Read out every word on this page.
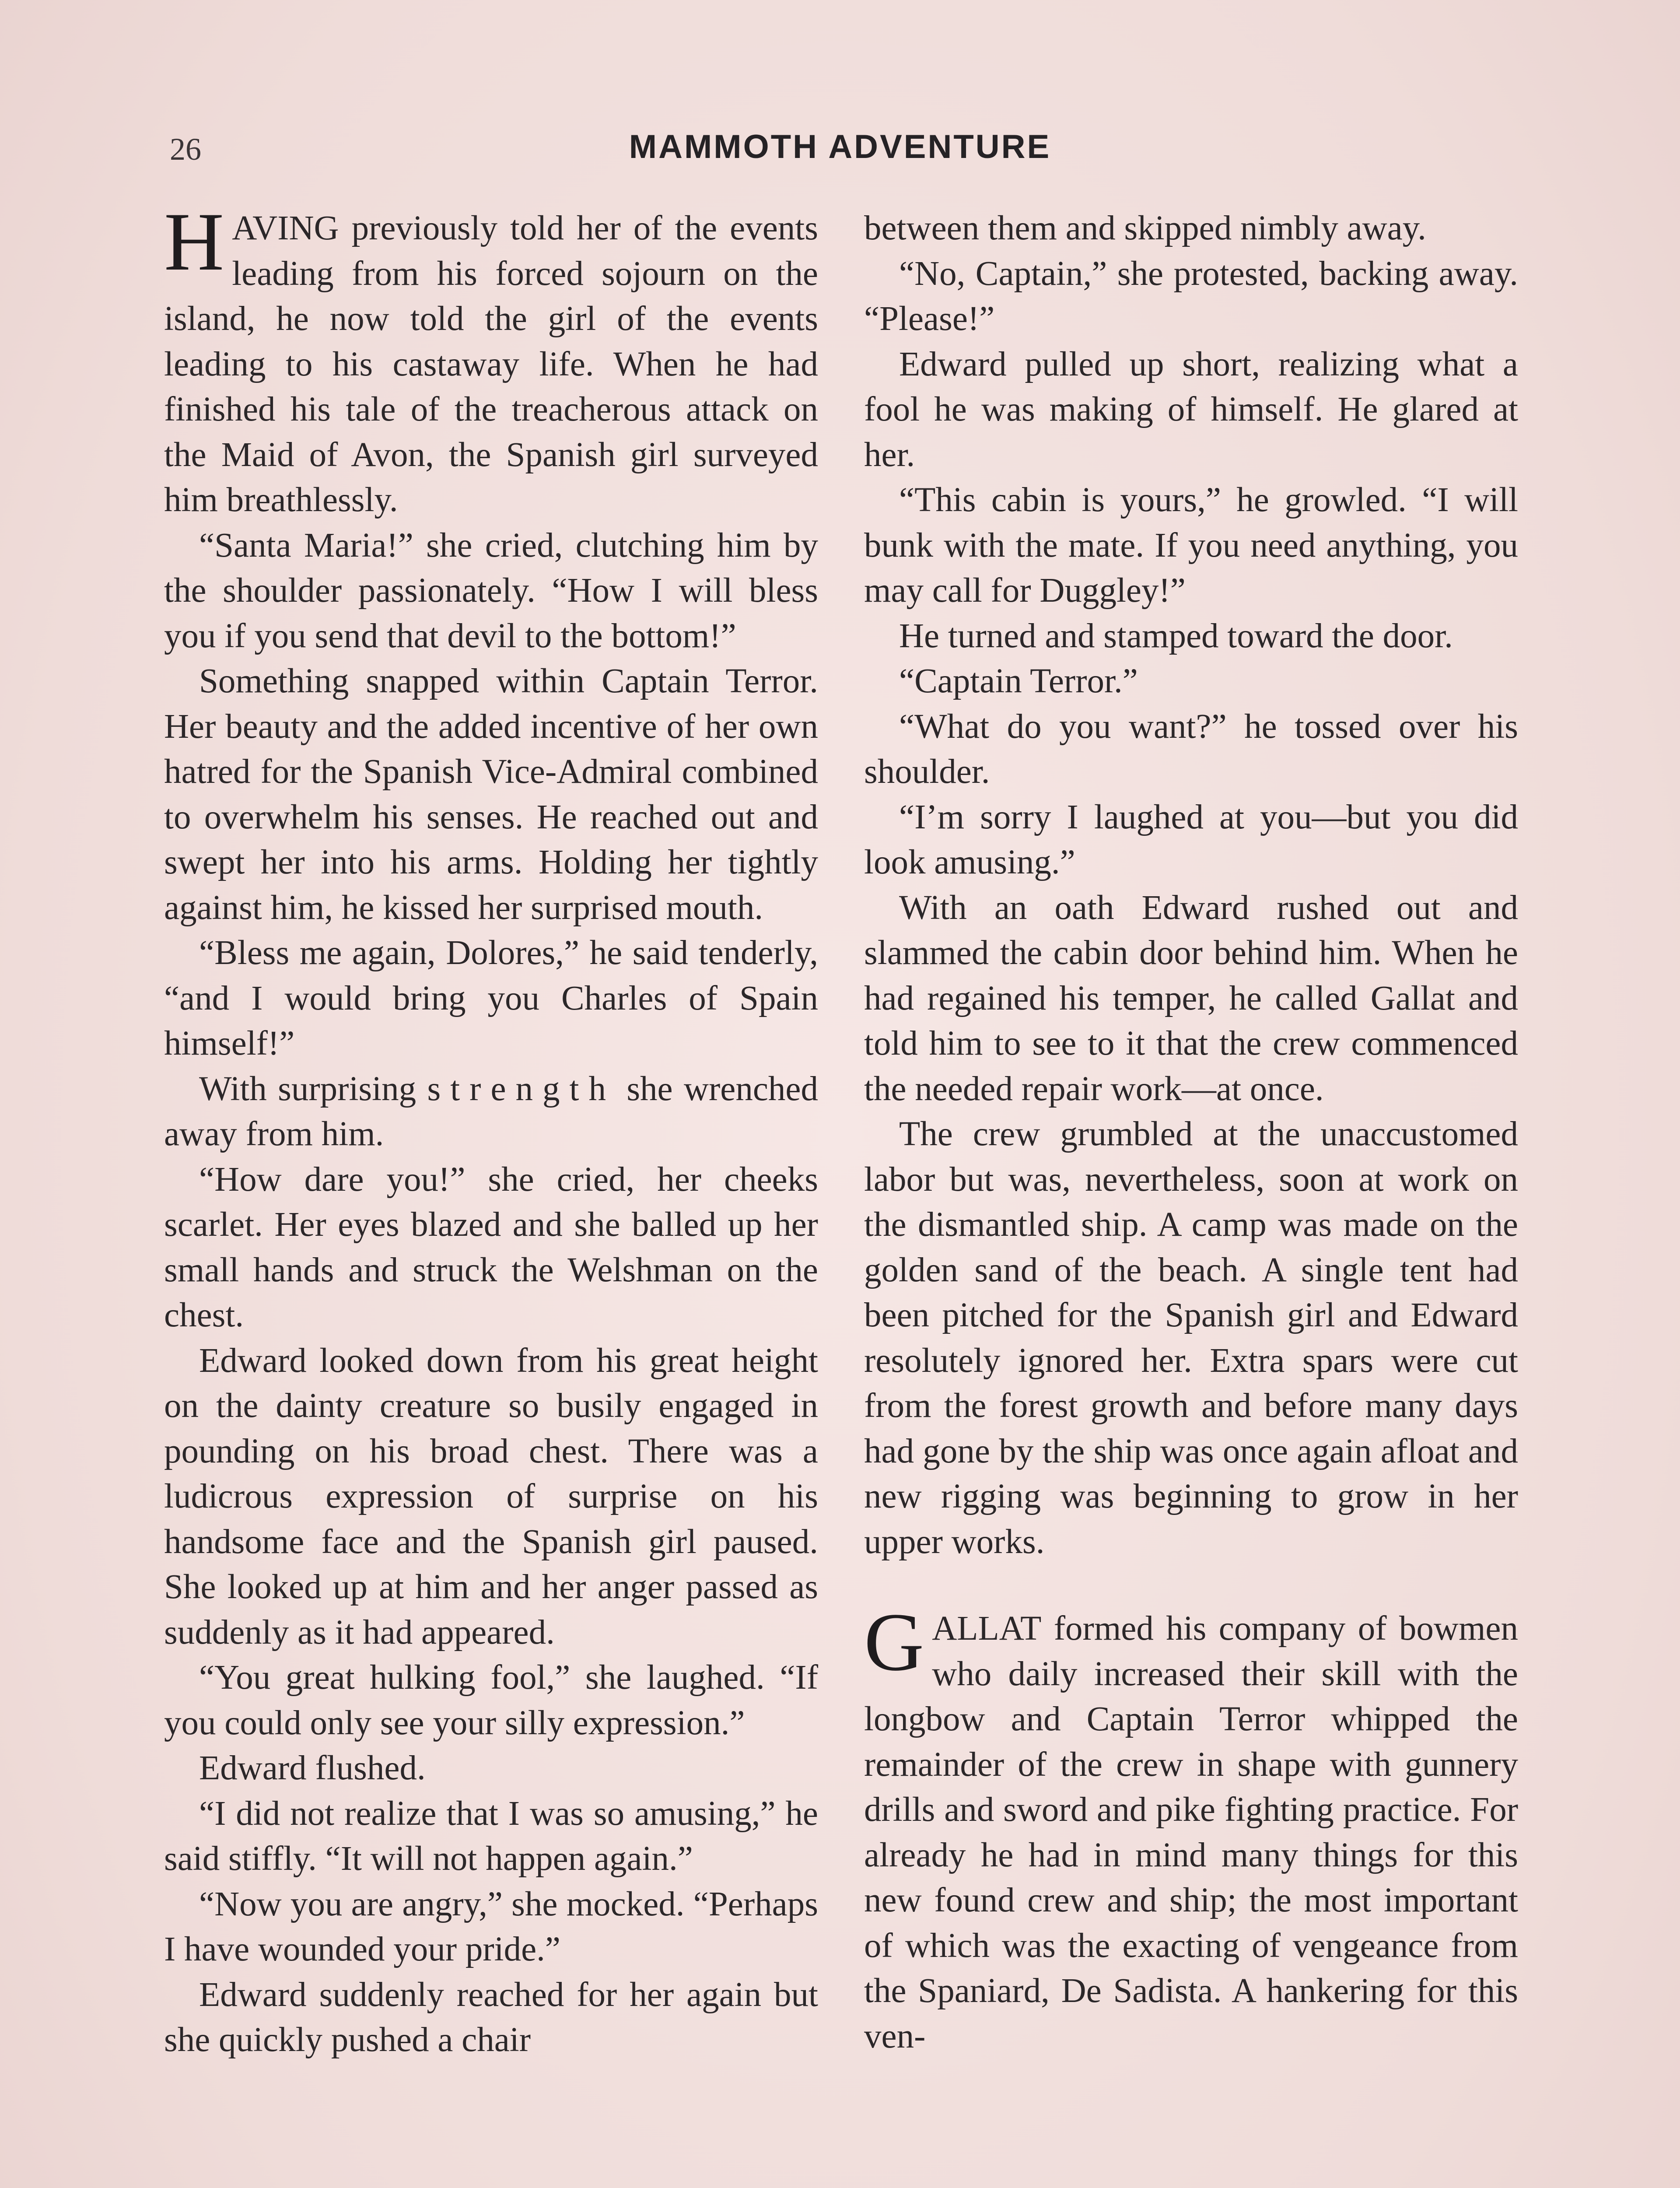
26	MAMMOTH ADVENTURE

HAVING previously told her of the events leading from his forced sojourn on the island, he now told the girl of the events leading to his castaway life. When he had finished his tale of the treacherous attack on the Maid of Avon, the Spanish girl surveyed him breathlessly.

“Santa Maria!” she cried, clutching him by the shoulder passionately. “How I will bless you if you send that devil to the bottom!”

Something snapped within Captain Terror. Her beauty and the added incentive of her own hatred for the Spanish Vice-Admiral combined to overwhelm his senses. He reached out and swept her into his arms. Holding her tightly against him, he kissed her surprised mouth.

“Bless me again, Dolores,” he said tenderly, “and I would bring you Charles of Spain himself!”

With surprising strength she wrenched away from him.

“How dare you!” she cried, her cheeks scarlet. Her eyes blazed and she balled up her small hands and struck the Welshman on the chest.

Edward looked down from his great height on the dainty creature so busily engaged in pounding on his broad chest. There was a ludicrous expression of surprise on his handsome face and the Spanish girl paused. She looked up at him and her anger passed as suddenly as it had appeared.

“You great hulking fool,” she laughed. “If you could only see your silly expression.”

Edward flushed.

“I did not realize that I was so amusing,” he said stiffly. “It will not happen again.”

“Now you are angry,” she mocked. “Perhaps I have wounded your pride.”

Edward suddenly reached for her again but she quickly pushed a chair

between them and skipped nimbly away.

“No, Captain,” she protested, backing away. “Please!”

Edward pulled up short, realizing what a fool he was making of himself. He glared at her.

“This cabin is yours,” he growled. “I will bunk with the mate. If you need anything, you may call for Duggley!”

He turned and stamped toward the door.

“Captain Terror.”

“What do you want?” he tossed over his shoulder.

“I’m sorry I laughed at you—but you did look amusing.”

With an oath Edward rushed out and slammed the cabin door behind him. When he had regained his temper, he called Gallat and told him to see to it that the crew commenced the needed repair work—at once.

The crew grumbled at the unaccustomed labor but was, nevertheless, soon at work on the dismantled ship. A camp was made on the golden sand of the beach. A single tent had been pitched for the Spanish girl and Edward resolutely ignored her. Extra spars were cut from the forest growth and before many days had gone by the ship was once again afloat and new rigging was beginning to grow in her upper works.

GALLAT formed his company of bowmen who daily increased their skill with the longbow and Captain Terror whipped the remainder of the crew in shape with gunnery drills and sword and pike fighting practice. For already he had in mind many things for this new found crew and ship; the most important of which was the exacting of vengeance from the Spaniard, De Sadista. A hankering for this ven-
